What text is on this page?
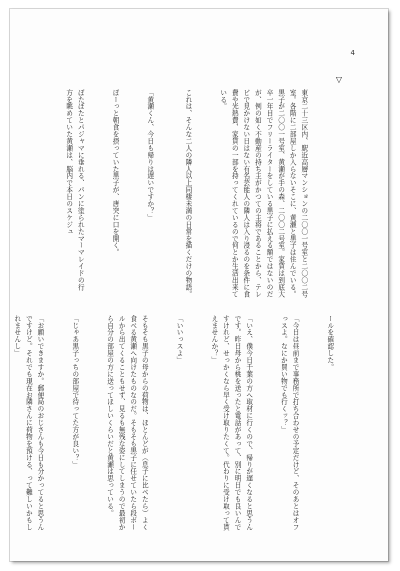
4
▽

東京二十三区内、駅近高層マンションの二〇〇一号室と二〇〇二号室。各階に二部屋しか入らないそこに、黄瀬と黒子は住んでいる。黒子が二〇〇一号室、黄瀬が手の森、二〇〇二号室。家賃は到底大卒一年目でフリーライターをしている黒子に払える額ではないのだが、例の如く不動産の持ち主がかつての主将であることから、テレビで見かけない日はない有名芸能人の隣人は入り浸るのを条件に食費や光熱費、家賃の一部を持ってくれているので何とか生活出来ている。

これは、そんな二人の隣人以上同棲未満の日常を描くだけの物語。

「黄瀬くん、今日も帰りは遅いですか？」

ぼーっと朝食を摂っていた黒子が、唐突に口を開く。

ぼたぼたとパジャマに垂れる、パンに塗られたマーマレイドの行方を眺めていた黄瀬は、脳内で本日のスケジュ

ールを確認した。

「今日は昼前まで事務所で打ち合わせの予定だけど、そのあとはオフっスよ。なにか買い物でも行くッ？」

「いえ、僕今日千葉の方へ取材に行くので、帰りが遅くなると思うんです。昨日母から桃を送ったと電話があって、別に明日でも良いんですけれど、せっかくなら早く受け取りたくて。代わりに受け取って貰えませんか？」

「いいっスよ」

そもそも黒子の母からの荷物は、ほとんどが（息子に比べたら）よく食べる黄瀬へ向けたものなのだ。そもそも黒子に任せていたら段ボールから出てくることもせず、見るも無残な姿にしてしまうので最初から自分の部屋の方に送ってほしいくらいだと黄瀬は思っている。

「じゃあ黒子っちの部屋で待ってた方が良い？」

「お願いできますか。郵便局のおじさんも今日も分かってると思うんですけど。それでも現在お隣さんに荷物を預ける、って難しいかもしれませんし」
